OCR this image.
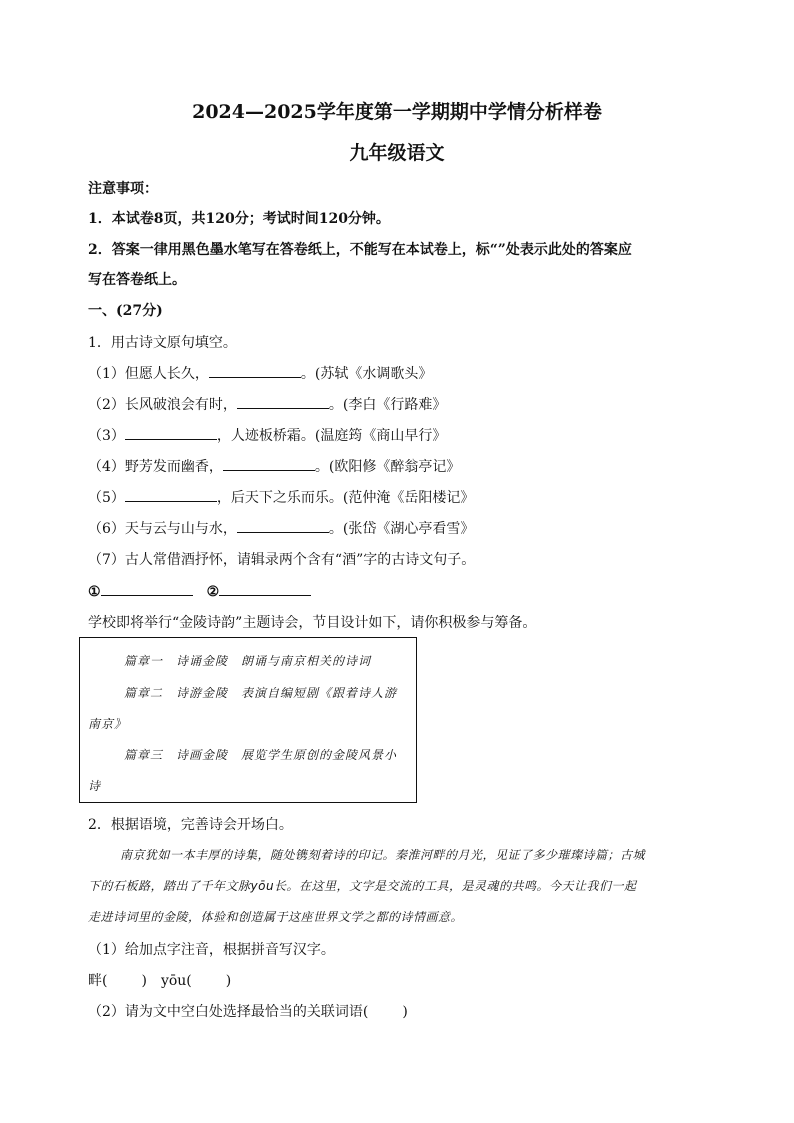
2024—2025学年度第一学期期中学情分析样卷
九年级语文
注意事项：
1．本试卷8页，共120分；考试时间120分钟。
2．答案一律用黑色墨水笔写在答卷纸上，不能写在本试卷上，标“”处表示此处的答案应
写在答卷纸上。
一、(27分)
1．用古诗文原句填空。
（1）但愿人长久，	。(苏轼《水调歌头》
（2）长风破浪会有时，	。(李白《行路难》
（3）	，人迹板桥霜。(温庭筠《商山早行》
（4）野芳发而幽香，	。(欧阳修《醉翁亭记》
（5）	，后天下之乐而乐。(范仲淹《岳阳楼记》
（6）天与云与山与水，	。(张岱《湖心亭看雪》
（7）古人常借酒抒怀，请辑录两个含有“酒”字的古诗文句子。
①	②
学校即将举行“金陵诗韵”主题诗会，节目设计如下，请你积极参与筹备。
篇章一　诗诵金陵　朗诵与南京相关的诗词
篇章二　诗游金陵　表演自编短剧《跟着诗人游
南京》
篇章三　诗画金陵　展览学生原创的金陵风景小
诗
2．根据语境，完善诗会开场白。
南京犹如一本丰厚的诗集，随处镌刻着诗的印记。秦淮河畔的月光，见证了多少璀璨诗篇；古城
下的石板路，踏出了千年文脉yōu长。在这里，文字是交流的工具，是灵魂的共鸣。今天让我们一起
走进诗词里的金陵，体验和创造属于这座世界文学之都的诗情画意。
（1）给加点字注音，根据拼音写汉字。
畔( ) yōu( )
（2）请为文中空白处选择最恰当的关联词语( )
